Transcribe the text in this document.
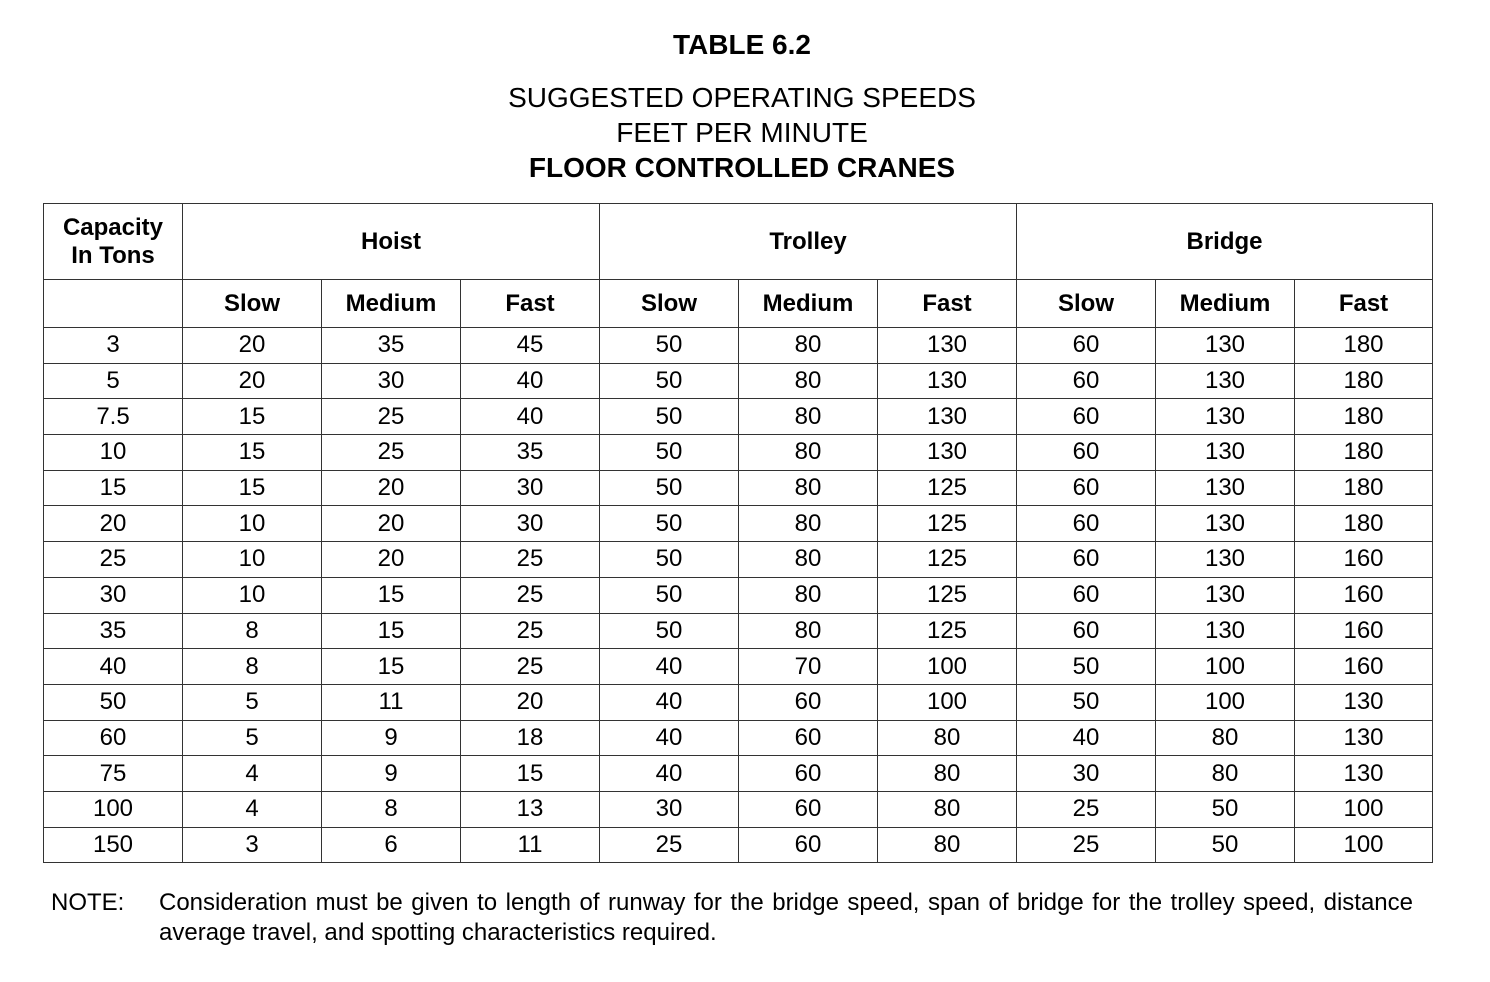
TABLE 6.2
SUGGESTED OPERATING SPEEDS
FEET PER MINUTE
FLOOR CONTROLLED CRANES
Capacity
In Tons	Hoist			Trolley			Bridge		
	Slow	Medium	Fast	Slow	Medium	Fast	Slow	Medium	Fast
3	20	35	45	50	80	130	60	130	180
5	20	30	40	50	80	130	60	130	180
7.5	15	25	40	50	80	130	60	130	180
10	15	25	35	50	80	130	60	130	180
15	15	20	30	50	80	125	60	130	180
20	10	20	30	50	80	125	60	130	180
25	10	20	25	50	80	125	60	130	160
30	10	15	25	50	80	125	60	130	160
35	8	15	25	50	80	125	60	130	160
40	8	15	25	40	70	100	50	100	160
50	5	11	20	40	60	100	50	100	130
60	5	9	18	40	60	80	40	80	130
75	4	9	15	40	60	80	30	80	130
100	4	8	13	30	60	80	25	50	100
150	3	6	11	25	60	80	25	50	100
NOTE: Consideration must be given to length of runway for the bridge speed, span of bridge for the trolley speed, distance average travel, and spotting characteristics required.
